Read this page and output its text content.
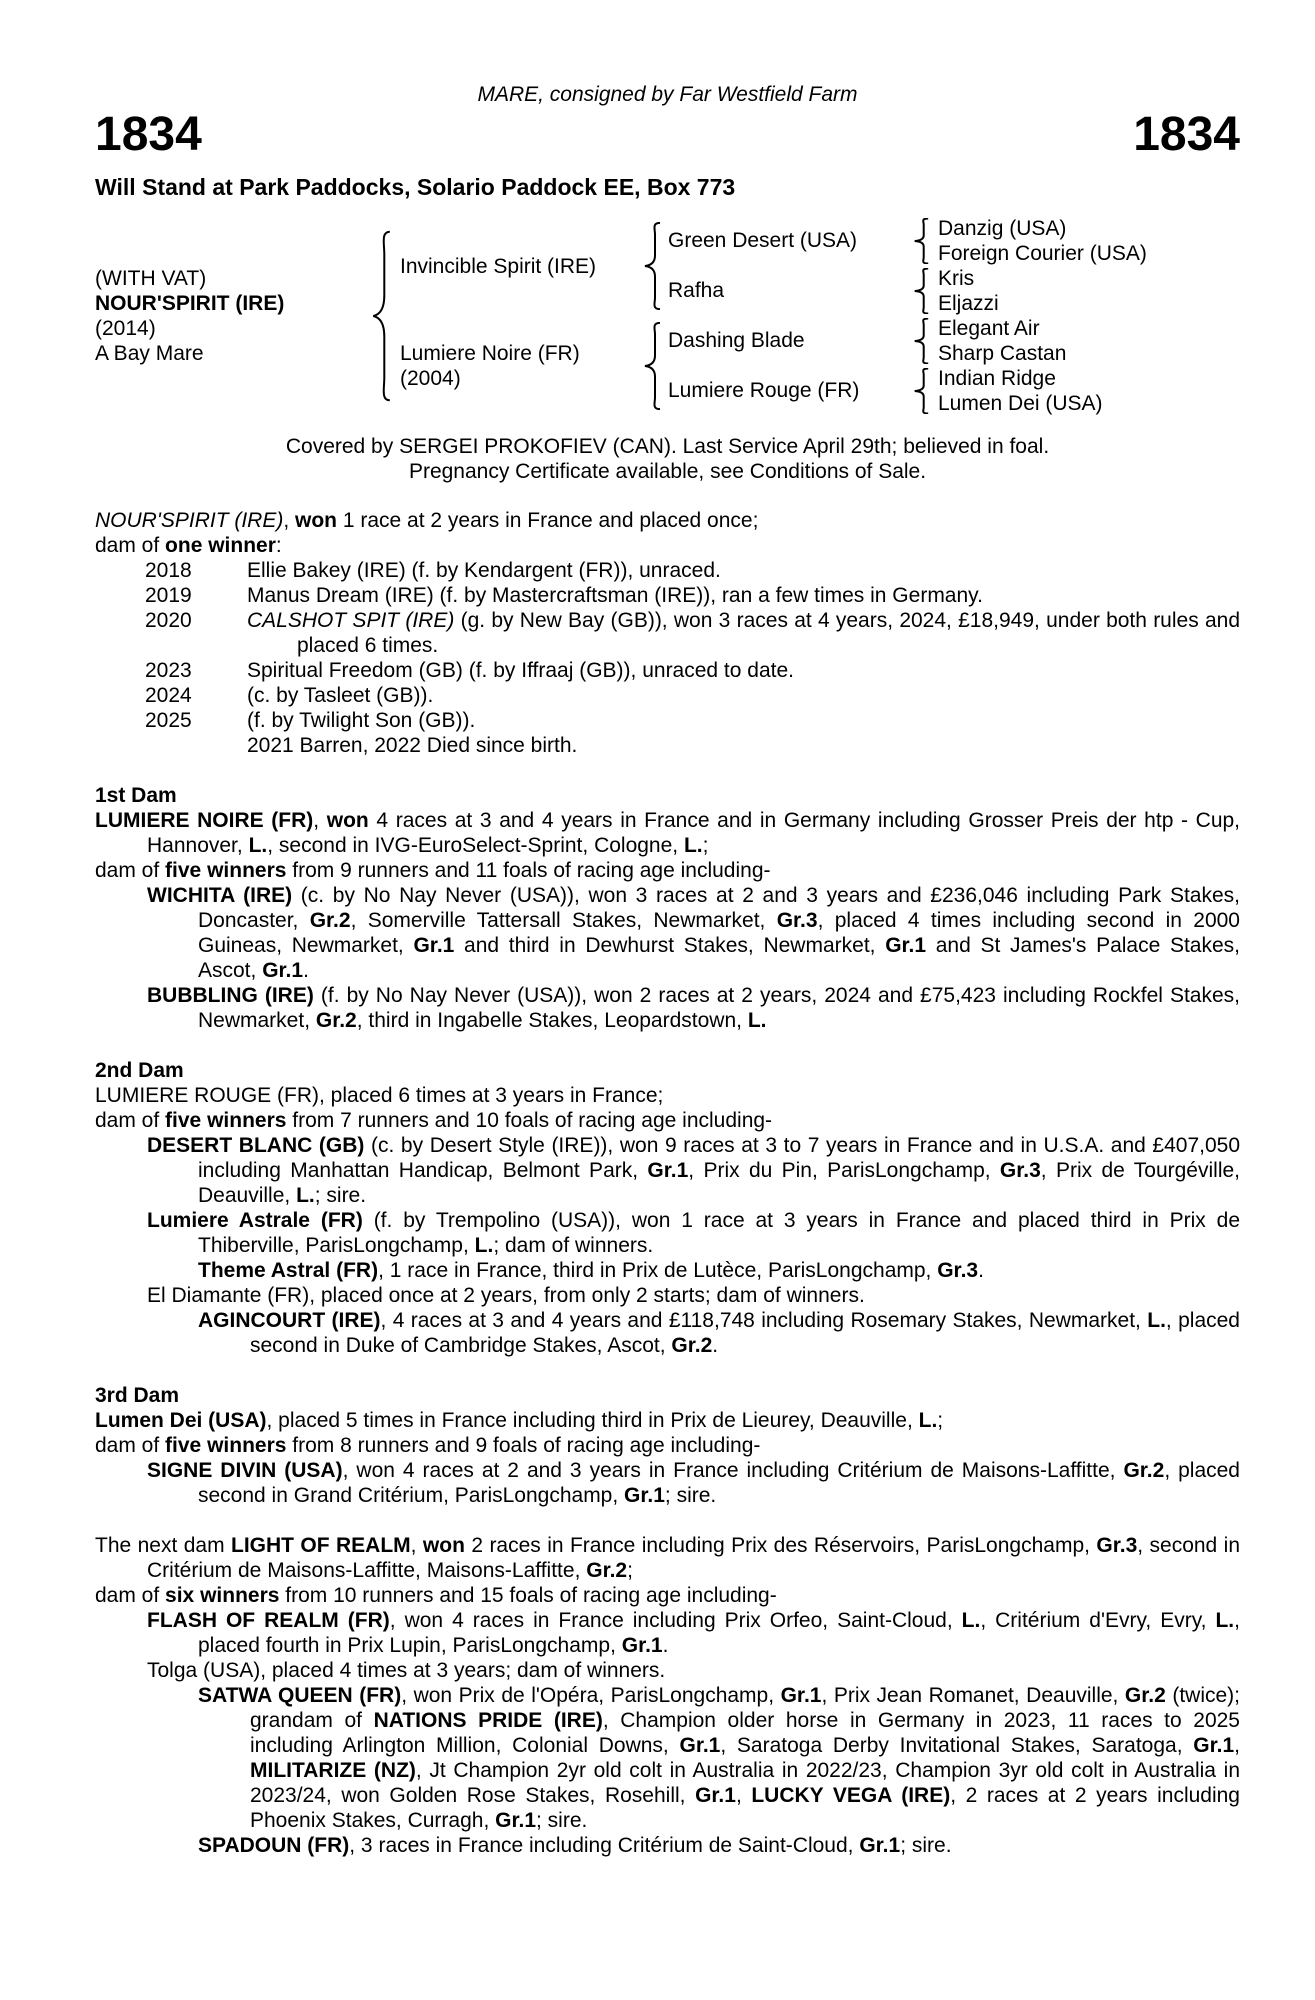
MARE, consigned by Far Westfield Farm
1834	1834
Will Stand at Park Paddocks, Solario Paddock EE, Box 773
(WITH VAT)
NOUR'SPIRIT (IRE)
(2014)
A Bay Mare
Invincible Spirit (IRE)
Green Desert (USA)
Danzig (USA)
Foreign Courier (USA)
Rafha
Kris
Eljazzi
Lumiere Noire (FR)
(2004)
Dashing Blade
Elegant Air
Sharp Castan
Lumiere Rouge (FR)
Indian Ridge
Lumen Dei (USA)
Covered by SERGEI PROKOFIEV (CAN). Last Service April 29th; believed in foal.
Pregnancy Certificate available, see Conditions of Sale.
NOUR'SPIRIT (IRE), won 1 race at 2 years in France and placed once;
dam of one winner:
2018	Ellie Bakey (IRE) (f. by Kendargent (FR)), unraced.
2019	Manus Dream (IRE) (f. by Mastercraftsman (IRE)), ran a few times in Germany.
2020	CALSHOT SPIT (IRE) (g. by New Bay (GB)), won 3 races at 4 years, 2024, £18,949, under both rules and placed 6 times.
2023	Spiritual Freedom (GB) (f. by Iffraaj (GB)), unraced to date.
2024	(c. by Tasleet (GB)).
2025	(f. by Twilight Son (GB)).
2021 Barren, 2022 Died since birth.
1st Dam
LUMIERE NOIRE (FR), won 4 races at 3 and 4 years in France and in Germany including Grosser Preis der htp - Cup, Hannover, L., second in IVG-EuroSelect-Sprint, Cologne, L.;
dam of five winners from 9 runners and 11 foals of racing age including-
WICHITA (IRE) (c. by No Nay Never (USA)), won 3 races at 2 and 3 years and £236,046 including Park Stakes, Doncaster, Gr.2, Somerville Tattersall Stakes, Newmarket, Gr.3, placed 4 times including second in 2000 Guineas, Newmarket, Gr.1 and third in Dewhurst Stakes, Newmarket, Gr.1 and St James's Palace Stakes, Ascot, Gr.1.
BUBBLING (IRE) (f. by No Nay Never (USA)), won 2 races at 2 years, 2024 and £75,423 including Rockfel Stakes, Newmarket, Gr.2, third in Ingabelle Stakes, Leopardstown, L.
2nd Dam
LUMIERE ROUGE (FR), placed 6 times at 3 years in France;
dam of five winners from 7 runners and 10 foals of racing age including-
DESERT BLANC (GB) (c. by Desert Style (IRE)), won 9 races at 3 to 7 years in France and in U.S.A. and £407,050 including Manhattan Handicap, Belmont Park, Gr.1, Prix du Pin, ParisLongchamp, Gr.3, Prix de Tourgéville, Deauville, L.; sire.
Lumiere Astrale (FR) (f. by Trempolino (USA)), won 1 race at 3 years in France and placed third in Prix de Thiberville, ParisLongchamp, L.; dam of winners.
Theme Astral (FR), 1 race in France, third in Prix de Lutèce, ParisLongchamp, Gr.3.
El Diamante (FR), placed once at 2 years, from only 2 starts; dam of winners.
AGINCOURT (IRE), 4 races at 3 and 4 years and £118,748 including Rosemary Stakes, Newmarket, L., placed second in Duke of Cambridge Stakes, Ascot, Gr.2.
3rd Dam
Lumen Dei (USA), placed 5 times in France including third in Prix de Lieurey, Deauville, L.;
dam of five winners from 8 runners and 9 foals of racing age including-
SIGNE DIVIN (USA), won 4 races at 2 and 3 years in France including Critérium de Maisons-Laffitte, Gr.2, placed second in Grand Critérium, ParisLongchamp, Gr.1; sire.
The next dam LIGHT OF REALM, won 2 races in France including Prix des Réservoirs, ParisLongchamp, Gr.3, second in Critérium de Maisons-Laffitte, Maisons-Laffitte, Gr.2;
dam of six winners from 10 runners and 15 foals of racing age including-
FLASH OF REALM (FR), won 4 races in France including Prix Orfeo, Saint-Cloud, L., Critérium d'Evry, Evry, L., placed fourth in Prix Lupin, ParisLongchamp, Gr.1.
Tolga (USA), placed 4 times at 3 years; dam of winners.
SATWA QUEEN (FR), won Prix de l'Opéra, ParisLongchamp, Gr.1, Prix Jean Romanet, Deauville, Gr.2 (twice); grandam of NATIONS PRIDE (IRE), Champion older horse in Germany in 2023, 11 races to 2025 including Arlington Million, Colonial Downs, Gr.1, Saratoga Derby Invitational Stakes, Saratoga, Gr.1, MILITARIZE (NZ), Jt Champion 2yr old colt in Australia in 2022/23, Champion 3yr old colt in Australia in 2023/24, won Golden Rose Stakes, Rosehill, Gr.1, LUCKY VEGA (IRE), 2 races at 2 years including Phoenix Stakes, Curragh, Gr.1; sire.
SPADOUN (FR), 3 races in France including Critérium de Saint-Cloud, Gr.1; sire.
